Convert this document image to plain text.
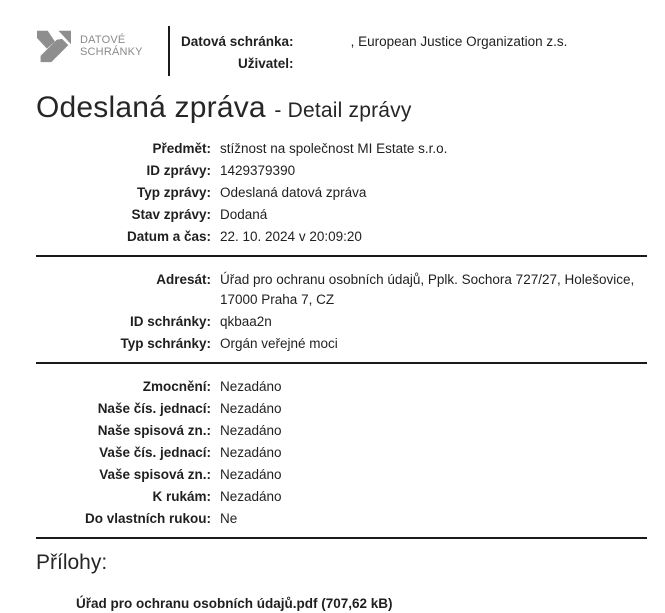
DATOVÉ
SCHRÁNKY
Datová schránka:	, European Justice Organization z.s.
Uživatel:	
Odeslaná zpráva - Detail zprávy
Předmět:	stížnost na společnost MI Estate s.r.o.
ID zprávy:	1429379390
Typ zprávy:	Odeslaná datová zpráva
Stav zprávy:	Dodaná
Datum a čas:	22. 10. 2024 v 20:09:20
Adresát:	Úřad pro ochranu osobních údajů, Pplk. Sochora 727/27, Holešovice, 17000 Praha 7, CZ
ID schránky:	qkbaa2n
Typ schránky:	Orgán veřejné moci
Zmocnění:	Nezadáno
Naše čís. jednací:	Nezadáno
Naše spisová zn.:	Nezadáno
Vaše čís. jednací:	Nezadáno
Vaše spisová zn.:	Nezadáno
K rukám:	Nezadáno
Do vlastních rukou:	Ne
Přílohy:
Úřad pro ochranu osobních údajů.pdf (707,62 kB)
